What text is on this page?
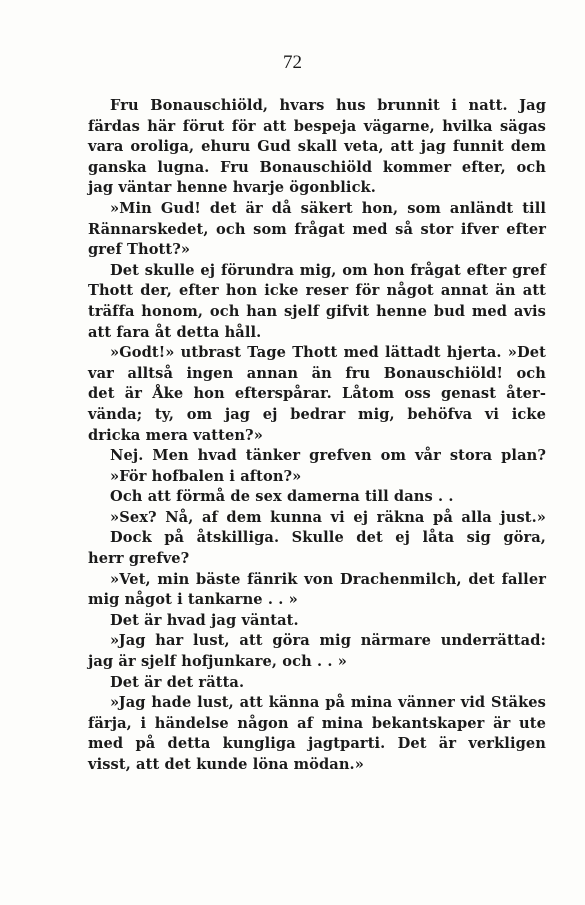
72
Fru Bonauschiöld, hvars hus brunnit i natt. Jag
färdas här förut för att bespeja vägarne, hvilka sägas
vara oroliga, ehuru Gud skall veta, att jag funnit dem
ganska lugna. Fru Bonauschiöld kommer efter, och
jag väntar henne hvarje ögonblick.
»Min Gud! det är då säkert hon, som anländt till
Rännarskedet, och som frågat med så stor ifver efter
gref Thott?»
Det skulle ej förundra mig, om hon frågat efter gref
Thott der, efter hon icke reser för något annat än att
träffa honom, och han sjelf gifvit henne bud med avis
att fara åt detta håll.
»Godt!» utbrast Tage Thott med lättadt hjerta. »Det
var alltså ingen annan än fru Bonauschiöld! och
det är Åke hon efterspårar. Låtom oss genast åter-
vända; ty, om jag ej bedrar mig, behöfva vi icke
dricka mera vatten?»
Nej. Men hvad tänker grefven om vår stora plan?
»För hofbalen i afton?»
Och att förmå de sex damerna till dans . .
»Sex? Nå, af dem kunna vi ej räkna på alla just.»
Dock på åtskilliga. Skulle det ej låta sig göra,
herr grefve?
»Vet, min bäste fänrik von Drachenmilch, det faller
mig något i tankarne . . »
Det är hvad jag väntat.
»Jag har lust, att göra mig närmare underrättad:
jag är sjelf hofjunkare, och . . »
Det är det rätta.
»Jag hade lust, att känna på mina vänner vid Stäkes
färja, i händelse någon af mina bekantskaper är ute
med på detta kungliga jagtparti. Det är verkligen
visst, att det kunde löna mödan.»
